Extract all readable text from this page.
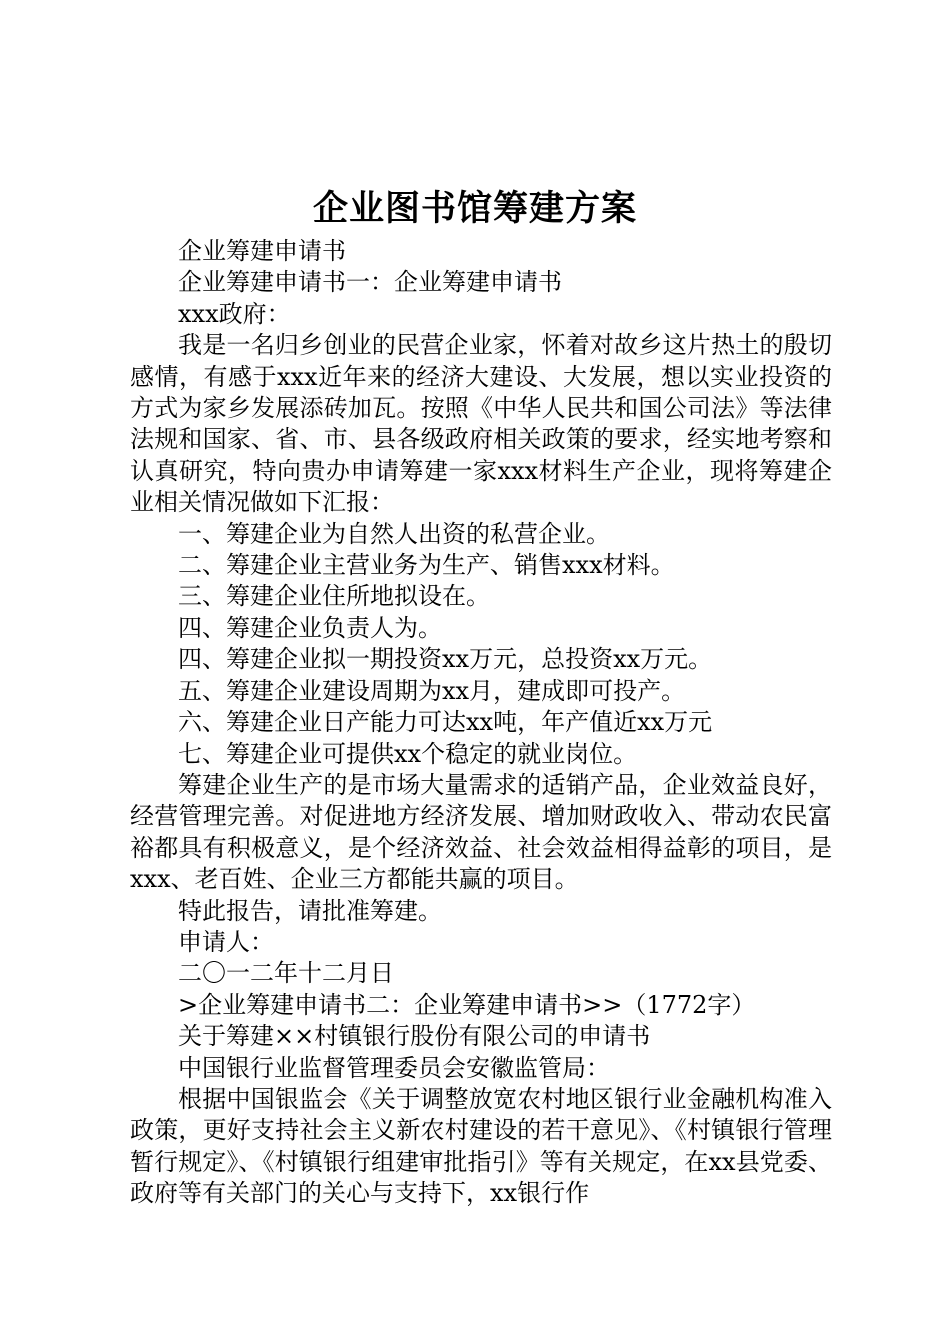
企业图书馆筹建方案

企业筹建申请书

企业筹建申请书一：企业筹建申请书

xxx政府：

我是一名归乡创业的民营企业家，怀着对故乡这片热土的殷切感情，有感于xxx近年来的经济大建设、大发展，想以实业投资的方式为家乡发展添砖加瓦。按照《中华人民共和国公司法》等法律法规和国家、省、市、县各级政府相关政策的要求，经实地考察和认真研究，特向贵办申请筹建一家xxx材料生产企业，现将筹建企业相关情况做如下汇报：

一、筹建企业为自然人出资的私营企业。

二、筹建企业主营业务为生产、销售xxx材料。

三、筹建企业住所地拟设在。

四、筹建企业负责人为。

四、筹建企业拟一期投资xx万元，总投资xx万元。

五、筹建企业建设周期为xx月，建成即可投产。

六、筹建企业日产能力可达xx吨，年产值近xx万元

七、筹建企业可提供xx个稳定的就业岗位。

筹建企业生产的是市场大量需求的适销产品，企业效益良好，经营管理完善。对促进地方经济发展、增加财政收入、带动农民富裕都具有积极意义，是个经济效益、社会效益相得益彰的项目，是xxx、老百姓、企业三方都能共赢的项目。

特此报告，请批准筹建。

申请人：

二〇一二年十二月日

>企业筹建申请书二：企业筹建申请书>>（1772字）

关于筹建××村镇银行股份有限公司的申请书

中国银行业监督管理委员会安徽监管局：

根据中国银监会《关于调整放宽农村地区银行业金融机构准入政策，更好支持社会主义新农村建设的若干意见》、《村镇银行管理暂行规定》、《村镇银行组建审批指引》等有关规定，在xx县党委、政府等有关部门的关心与支持下，xx银行作
